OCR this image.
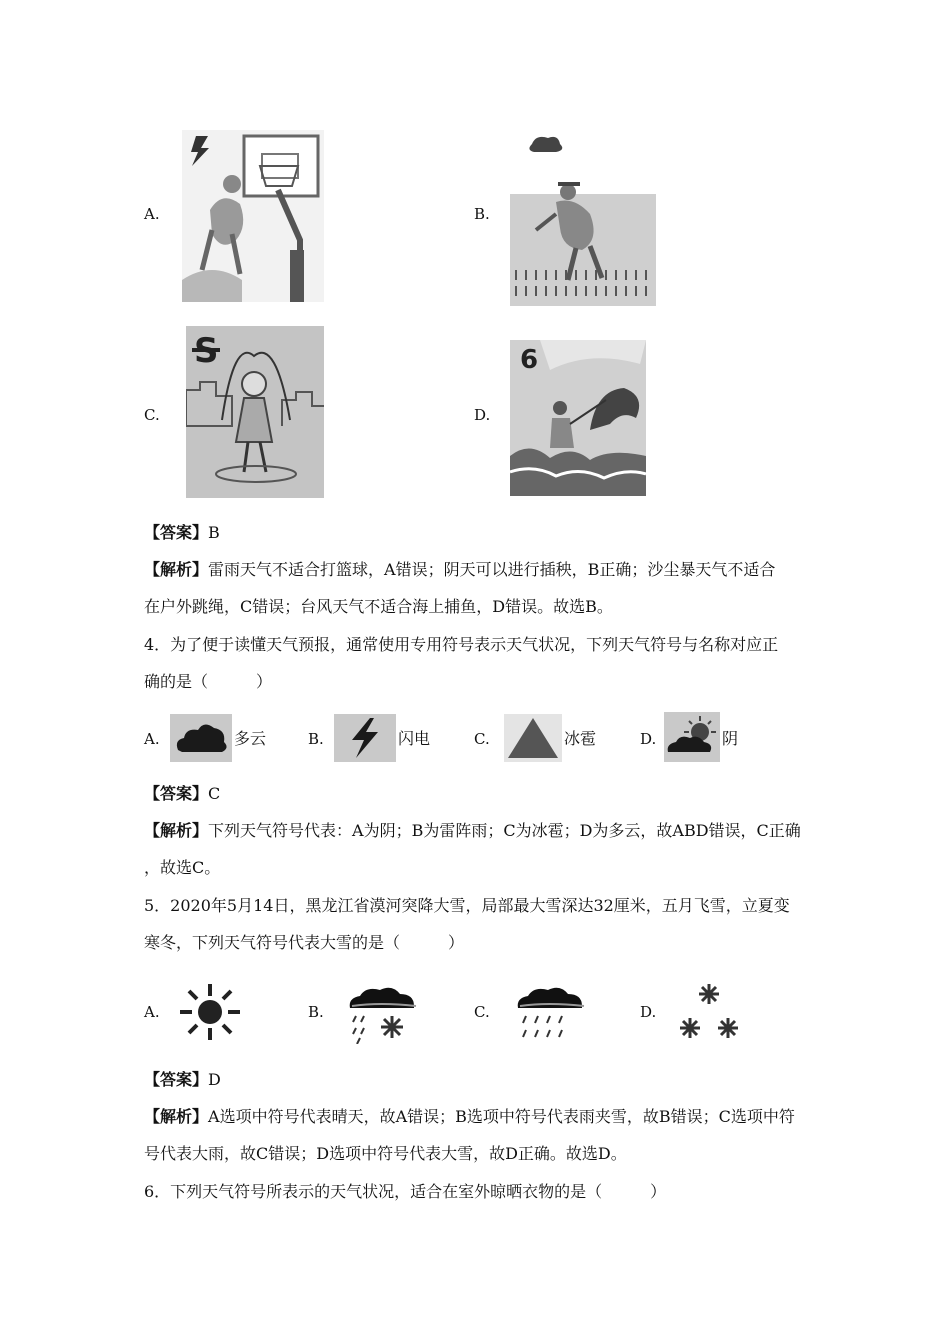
A.	B.
C.
S
D.
6
【答案】B
【解析】雷雨天气不适合打篮球，A错误；阴天可以进行插秧，B正确；沙尘暴天气不适合
在户外跳绳，C错误；台风天气不适合海上捕鱼，D错误。故选B。
4．为了便于读懂天气预报，通常使用专用符号表示天气状况，下列天气符号与名称对应正
确的是（　　　）
A.	多云	B.	闪电	C.	冰雹	D.	阴
【答案】C
【解析】下列天气符号代表：A为阴；B为雷阵雨；C为冰雹；D为多云，故ABD错误，C正确
，故选C。
5．2020年5月14日，黑龙江省漠河突降大雪，局部最大雪深达32厘米，五月飞雪，立夏变
寒冬，下列天气符号代表大雪的是（　　　）
A.	B.	C.	D.
【答案】D
【解析】A选项中符号代表晴天，故A错误；B选项中符号代表雨夹雪，故B错误；C选项中符
号代表大雨，故C错误；D选项中符号代表大雪，故D正确。故选D。
6．下列天气符号所表示的天气状况，适合在室外晾晒衣物的是（　　　）
